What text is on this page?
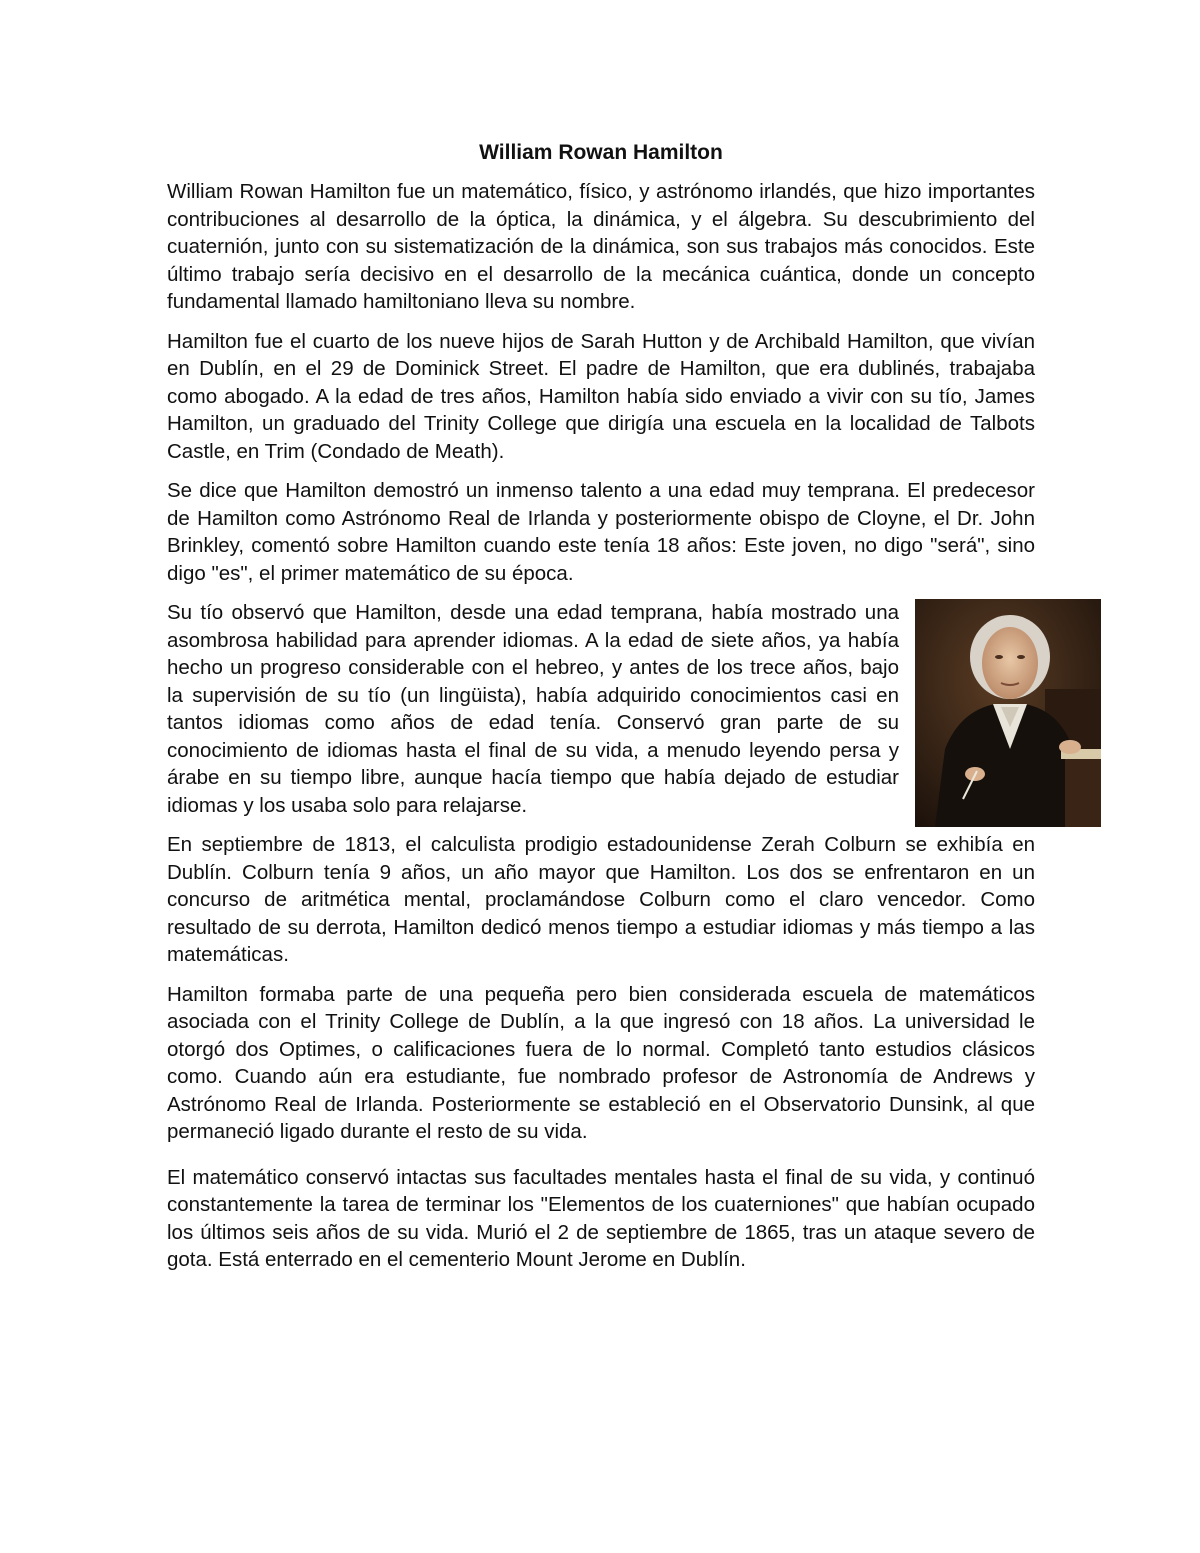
William Rowan Hamilton

William Rowan Hamilton fue un matemático, físico, y astrónomo irlandés, que hizo importantes contribuciones al desarrollo de la óptica, la dinámica, y el álgebra. Su descubrimiento del cuaternión, junto con su sistematización de la dinámica, son sus trabajos más conocidos. Este último trabajo sería decisivo en el desarrollo de la mecánica cuántica, donde un concepto fundamental llamado hamiltoniano lleva su nombre.

Hamilton fue el cuarto de los nueve hijos de Sarah Hutton y de Archibald Hamilton, que vivían en Dublín, en el 29 de Dominick Street. El padre de Hamilton, que era dublinés, trabajaba como abogado. A la edad de tres años, Hamilton había sido enviado a vivir con su tío, James Hamilton, un graduado del Trinity College que dirigía una escuela en la localidad de Talbots Castle, en Trim (Condado de Meath).

Se dice que Hamilton demostró un inmenso talento a una edad muy temprana. El predecesor de Hamilton como Astrónomo Real de Irlanda y posteriormente obispo de Cloyne, el Dr. John Brinkley, comentó sobre Hamilton cuando este tenía 18 años: Este joven, no digo "será", sino digo "es", el primer matemático de su época.

Su tío observó que Hamilton, desde una edad temprana, había mostrado una asombrosa habilidad para aprender idiomas. A la edad de siete años, ya había hecho un progreso considerable con el hebreo, y antes de los trece años, bajo la supervisión de su tío (un lingüista), había adquirido conocimientos casi en tantos idiomas como años de edad tenía. Conservó gran parte de su conocimiento de idiomas hasta el final de su vida, a menudo leyendo persa y árabe en su tiempo libre, aunque hacía tiempo que había dejado de estudiar idiomas y los usaba solo para relajarse.

En septiembre de 1813, el calculista prodigio estadounidense Zerah Colburn se exhibía en Dublín. Colburn tenía 9 años, un año mayor que Hamilton. Los dos se enfrentaron en un concurso de aritmética mental, proclamándose Colburn como el claro vencedor. Como resultado de su derrota, Hamilton dedicó menos tiempo a estudiar idiomas y más tiempo a las matemáticas.

Hamilton formaba parte de una pequeña pero bien considerada escuela de matemáticos asociada con el Trinity College de Dublín, a la que ingresó con 18 años. La universidad le otorgó dos Optimes, o calificaciones fuera de lo normal. Completó tanto estudios clásicos como. Cuando aún era estudiante, fue nombrado profesor de Astronomía de Andrews y Astrónomo Real de Irlanda. Posteriormente se estableció en el Observatorio Dunsink, al que permaneció ligado durante el resto de su vida.

El matemático conservó intactas sus facultades mentales hasta el final de su vida, y continuó constantemente la tarea de terminar los "Elementos de los cuaterniones" que habían ocupado los últimos seis años de su vida. Murió el 2 de septiembre de 1865, tras un ataque severo de gota. Está enterrado en el cementerio Mount Jerome en Dublín.
